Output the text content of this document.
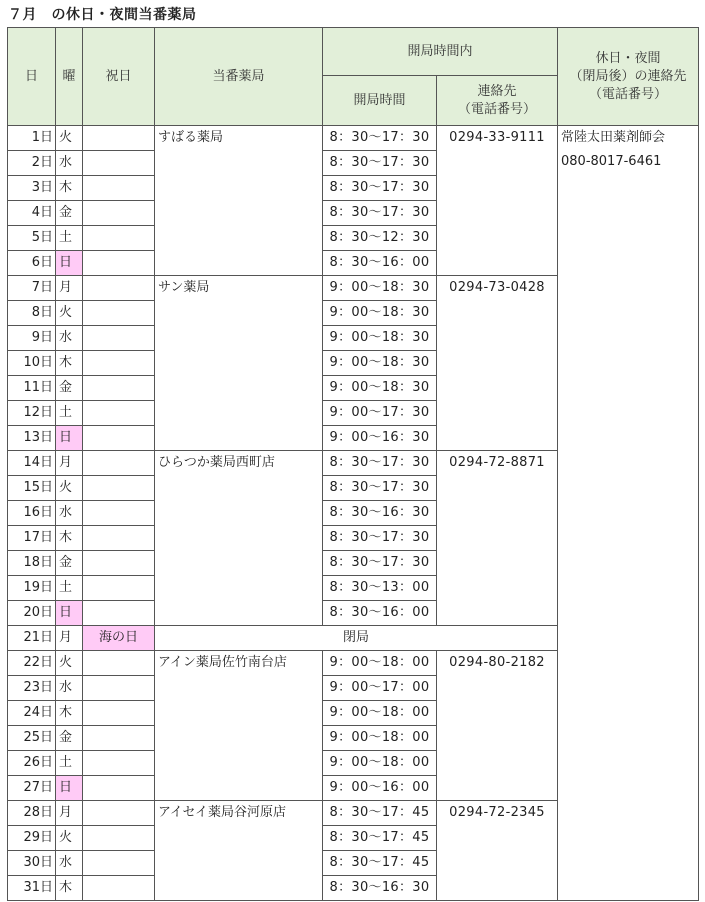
７月　の休日・夜間当番薬局
日	曜	祝日	当番薬局	開局時間内		休日・夜間
（閉局後）の連絡先
（電話番号）

				開局時間	連絡先
（電話番号）	

1日	火		すばる薬局	8：30～17：30	0294-33-9111	常陸太田薬剤師会
080-8017-6461

2日	水			8：30～17：30		
3日	木			8：30～17：30		
4日	金			8：30～17：30		
5日	土			8：30～12：30		
6日	日			8：30～16：00		
7日	月		サン薬局	9：00～18：30	0294-73-0428	
8日	火			9：00～18：30		
9日	水			9：00～18：30		
10日	木			9：00～18：30		
11日	金			9：00～18：30		
12日	土			9：00～17：30		
13日	日			9：00～16：30		
14日	月		ひらつか薬局西町店	8：30～17：30	0294-72-8871	
15日	火			8：30～17：30		
16日	水			8：30～16：30		
17日	木			8：30～17：30		
18日	金			8：30～17：30		
19日	土			8：30～13：00		
20日	日			8：30～16：00		
21日	月	海の日	閉局			
22日	火		アイン薬局佐竹南台店	9：00～18：00	0294-80-2182	
23日	水			9：00～17：00		
24日	木			9：00～18：00		
25日	金			9：00～18：00		
26日	土			9：00～18：00		
27日	日			9：00～16：00		
28日	月		アイセイ薬局谷河原店	8：30～17：45	0294-72-2345	
29日	火			8：30～17：45		
30日	水			8：30～17：45		
31日	木			8：30～16：30		
